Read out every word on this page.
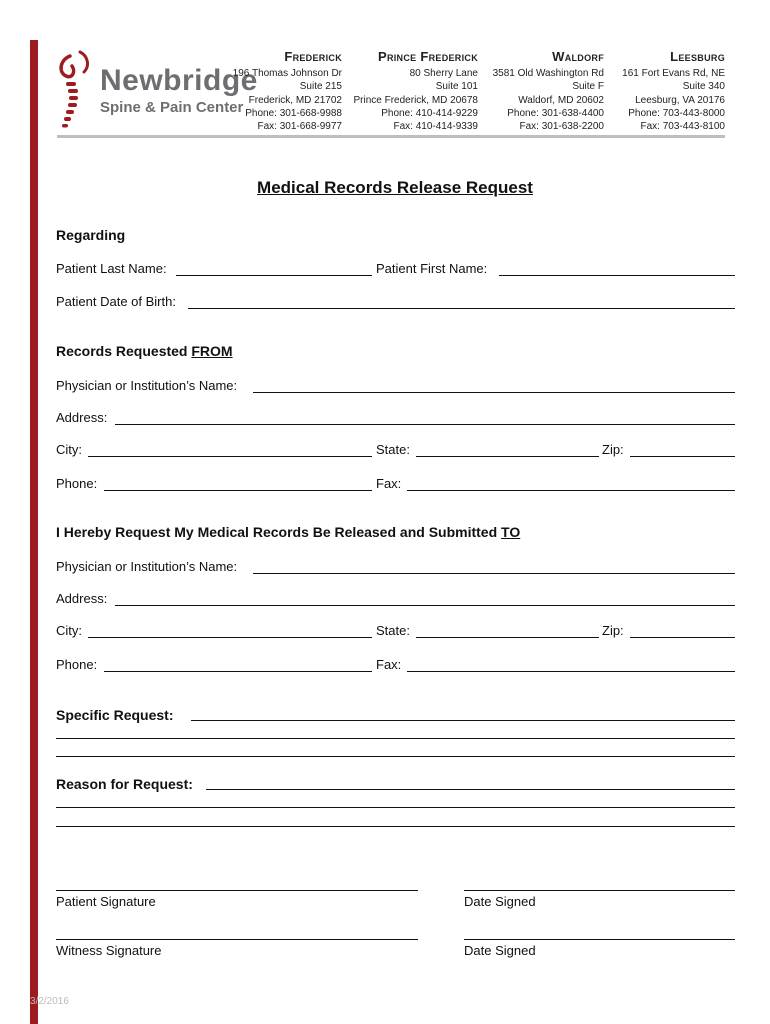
Newbridge
Spine & Pain Center
Frederick
196 Thomas Johnson Dr
Suite 215
Frederick, MD 21702
Phone: 301-668-9988
Fax: 301-668-9977
Prince Frederick
80 Sherry Lane
Suite 101
Prince Frederick, MD 20678
Phone: 410-414-9229
Fax: 410-414-9339
Waldorf
3581 Old Washington Rd
Suite F
Waldorf, MD 20602
Phone: 301-638-4400
Fax: 301-638-2200
Leesburg
161 Fort Evans Rd, NE
Suite 340
Leesburg, VA 20176
Phone: 703-443-8000
Fax: 703-443-8100
Medical Records Release Request
Regarding
Patient Last Name:	Patient First Name:
Patient Date of Birth:
Records Requested FROM
Physician or Institution’s Name:
Address:
City:	State:	Zip:
Phone:	Fax:
I Hereby Request My Medical Records Be Released and Submitted TO
Physician or Institution’s Name:
Address:
City:	State:	Zip:
Phone:	Fax:
Specific Request:
Reason for Request:
Patient Signature	Date Signed
Witness Signature	Date Signed
3/2/2016
